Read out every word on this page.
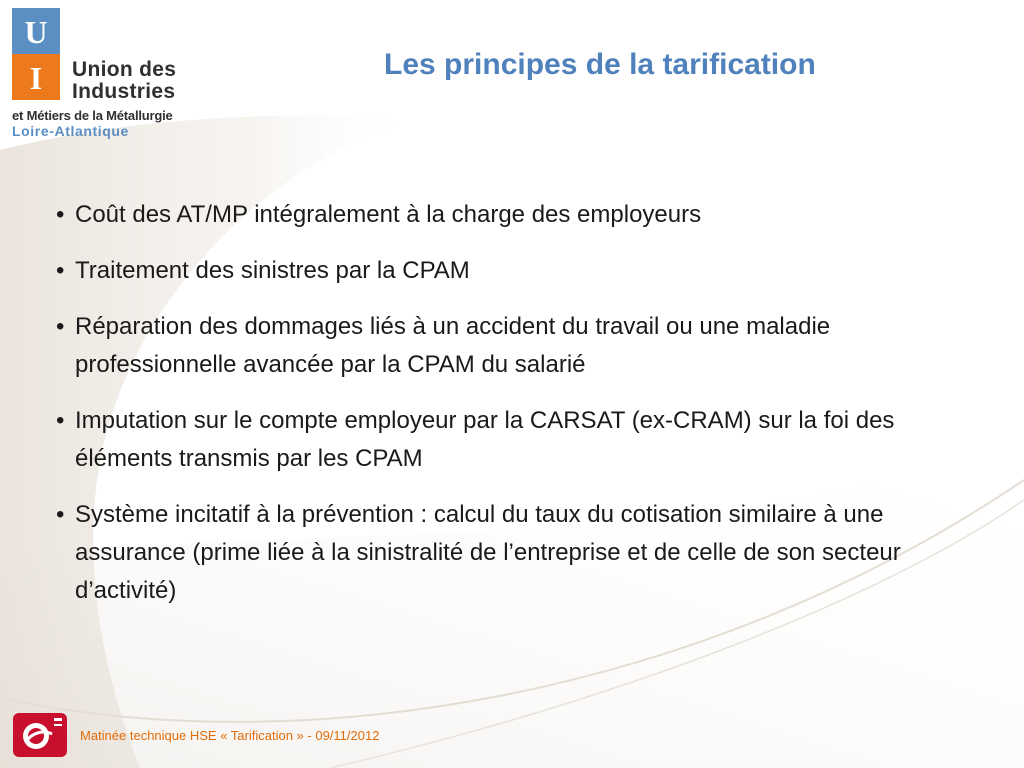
U
I Union des
Industries
et Métiers de la Métallurgie
Loire-Atlantique
Les principes de la tarification
• Coût des AT/MP intégralement à la charge des employeurs
• Traitement des sinistres par la CPAM
• Réparation des dommages liés à un accident du travail ou une maladie professionnelle avancée par la CPAM du salarié
• Imputation sur le compte employeur par la CARSAT (ex-CRAM) sur la foi des éléments transmis par les CPAM
• Système incitatif à la prévention : calcul du taux du cotisation similaire à une assurance (prime liée à la sinistralité de l’entreprise et de celle de son secteur d’activité)
Matinée technique HSE « Tarification » - 09/11/2012
